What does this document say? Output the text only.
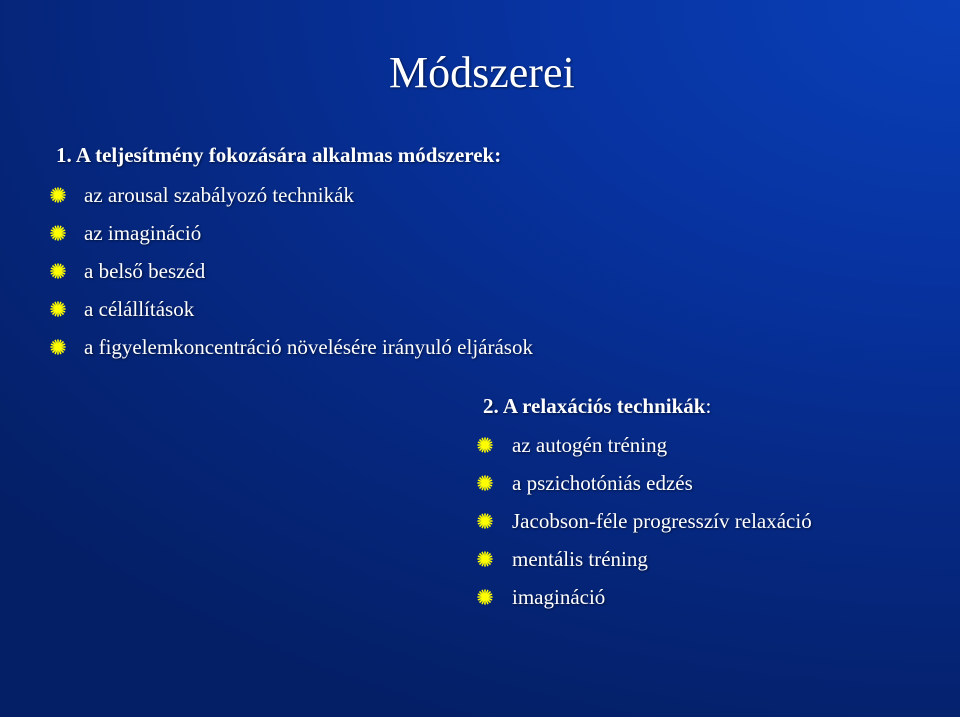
Módszerei
1. A teljesítmény fokozására alkalmas módszerek:
az arousal szabályozó technikák
az imagináció
a belső beszéd
a célállítások
a figyelemkoncentráció növelésére irányuló eljárások
2. A relaxációs technikák:
az autogén tréning
a pszichotóniás edzés
Jacobson-féle progresszív relaxáció
mentális tréning
imagináció
